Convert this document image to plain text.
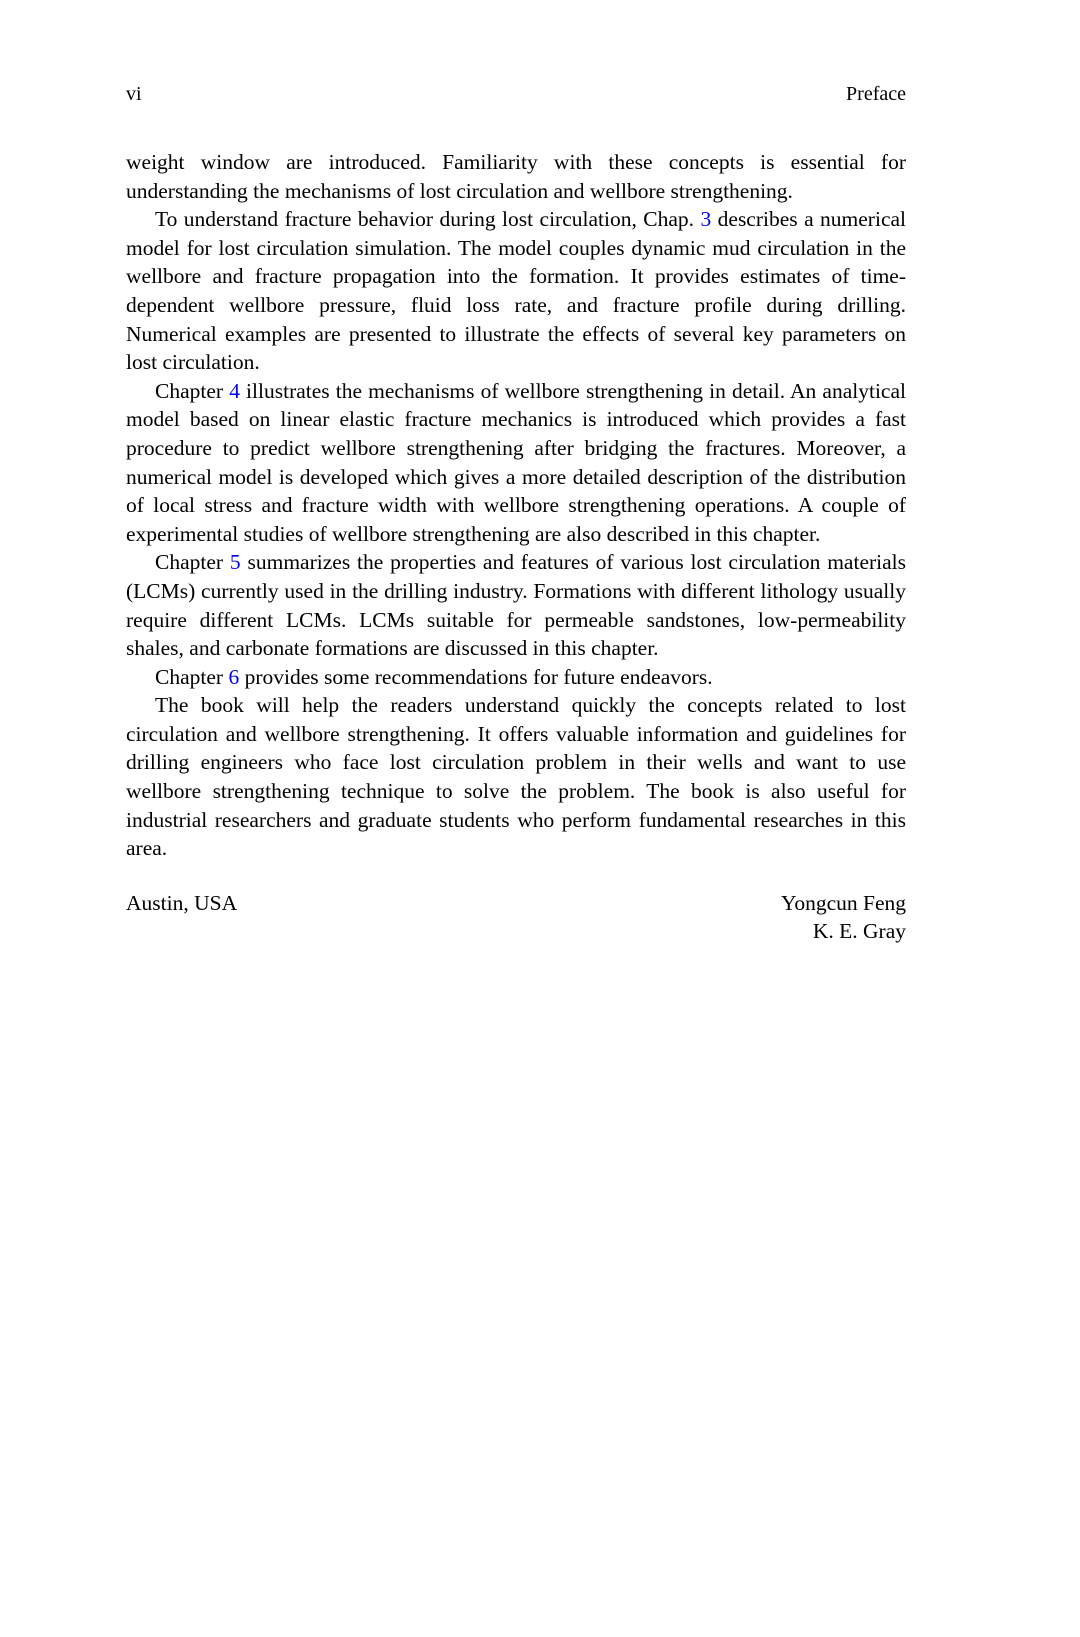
vi	Preface

weight window are introduced. Familiarity with these concepts is essential for understanding the mechanisms of lost circulation and wellbore strengthening.

To understand fracture behavior during lost circulation, Chap. 3 describes a numerical model for lost circulation simulation. The model couples dynamic mud circulation in the wellbore and fracture propagation into the formation. It provides estimates of time-dependent wellbore pressure, fluid loss rate, and fracture profile during drilling. Numerical examples are presented to illustrate the effects of several key parameters on lost circulation.

Chapter 4 illustrates the mechanisms of wellbore strengthening in detail. An analytical model based on linear elastic fracture mechanics is introduced which provides a fast procedure to predict wellbore strengthening after bridging the fractures. Moreover, a numerical model is developed which gives a more detailed description of the distribution of local stress and fracture width with wellbore strengthening operations. A couple of experimental studies of wellbore strengthening are also described in this chapter.

Chapter 5 summarizes the properties and features of various lost circulation materials (LCMs) currently used in the drilling industry. Formations with different lithology usually require different LCMs. LCMs suitable for permeable sandstones, low-permeability shales, and carbonate formations are discussed in this chapter.

Chapter 6 provides some recommendations for future endeavors.

The book will help the readers understand quickly the concepts related to lost circulation and wellbore strengthening. It offers valuable information and guidelines for drilling engineers who face lost circulation problem in their wells and want to use wellbore strengthening technique to solve the problem. The book is also useful for industrial researchers and graduate students who perform fundamental researches in this area.

Austin, USA	Yongcun Feng
K. E. Gray
